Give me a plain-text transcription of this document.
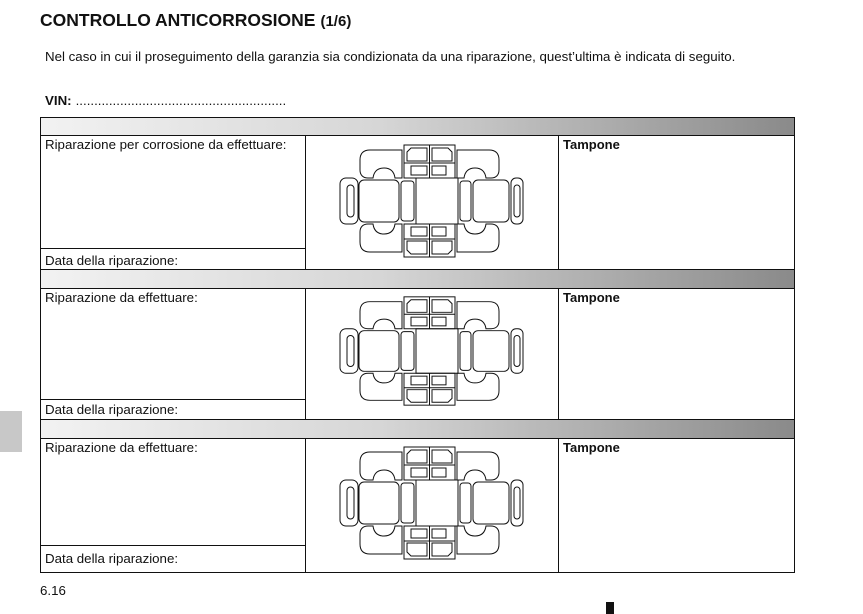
CONTROLLO ANTICORROSIONE (1/6)
Nel caso in cui il proseguimento della garanzia sia condizionata da una riparazione, quest’ultima è indicata di seguito.
VIN: .........................................................
Riparazione per corrosione da effettuare:
Data della riparazione:
Tampone
Riparazione da effettuare:
Data della riparazione:
Tampone
Riparazione da effettuare:
Data della riparazione:
Tampone
6.16
